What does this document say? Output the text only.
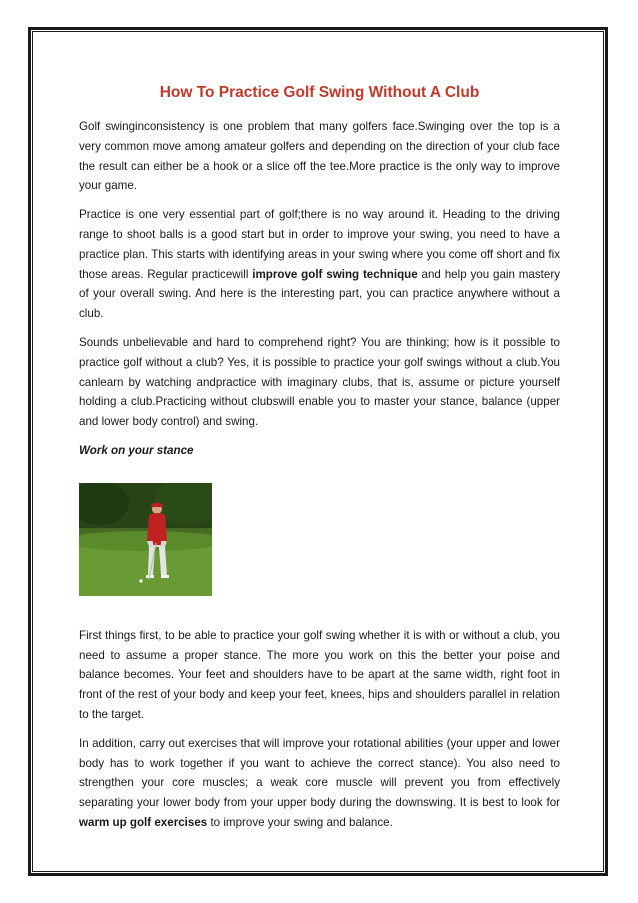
How To Practice Golf Swing Without A Club

Golf swinginconsistency is one problem that many golfers face.Swinging over the top is a very common move among amateur golfers and depending on the direction of your club face the result can either be a hook or a slice off the tee.More practice is the only way to improve your game.

Practice is one very essential part of golf;there is no way around it. Heading to the driving range to shoot balls is a good start but in order to improve your swing, you need to have a practice plan. This starts with identifying areas in your swing where you come off short and fix those areas. Regular practicewill improve golf swing technique and help you gain mastery of your overall swing. And here is the interesting part, you can practice anywhere without a club.

Sounds unbelievable and hard to comprehend right? You are thinking; how is it possible to practice golf without a club? Yes, it is possible to practice your golf swings without a club.You canlearn by watching andpractice with imaginary clubs, that is, assume or picture yourself holding a club.Practicing without clubswill enable you to master your stance, balance (upper and lower body control) and swing.

Work on your stance

First things first, to be able to practice your golf swing whether it is with or without a club, you need to assume a proper stance. The more you work on this the better your poise and balance becomes. Your feet and shoulders have to be apart at the same width, right foot in front of the rest of your body and keep your feet, knees, hips and shoulders parallel in relation to the target.

In addition, carry out exercises that will improve your rotational abilities (your upper and lower body has to work together if you want to achieve the correct stance). You also need to strengthen your core muscles; a weak core muscle will prevent you from effectively separating your lower body from your upper body during the downswing. It is best to look for warm up golf exercises to improve your swing and balance.
